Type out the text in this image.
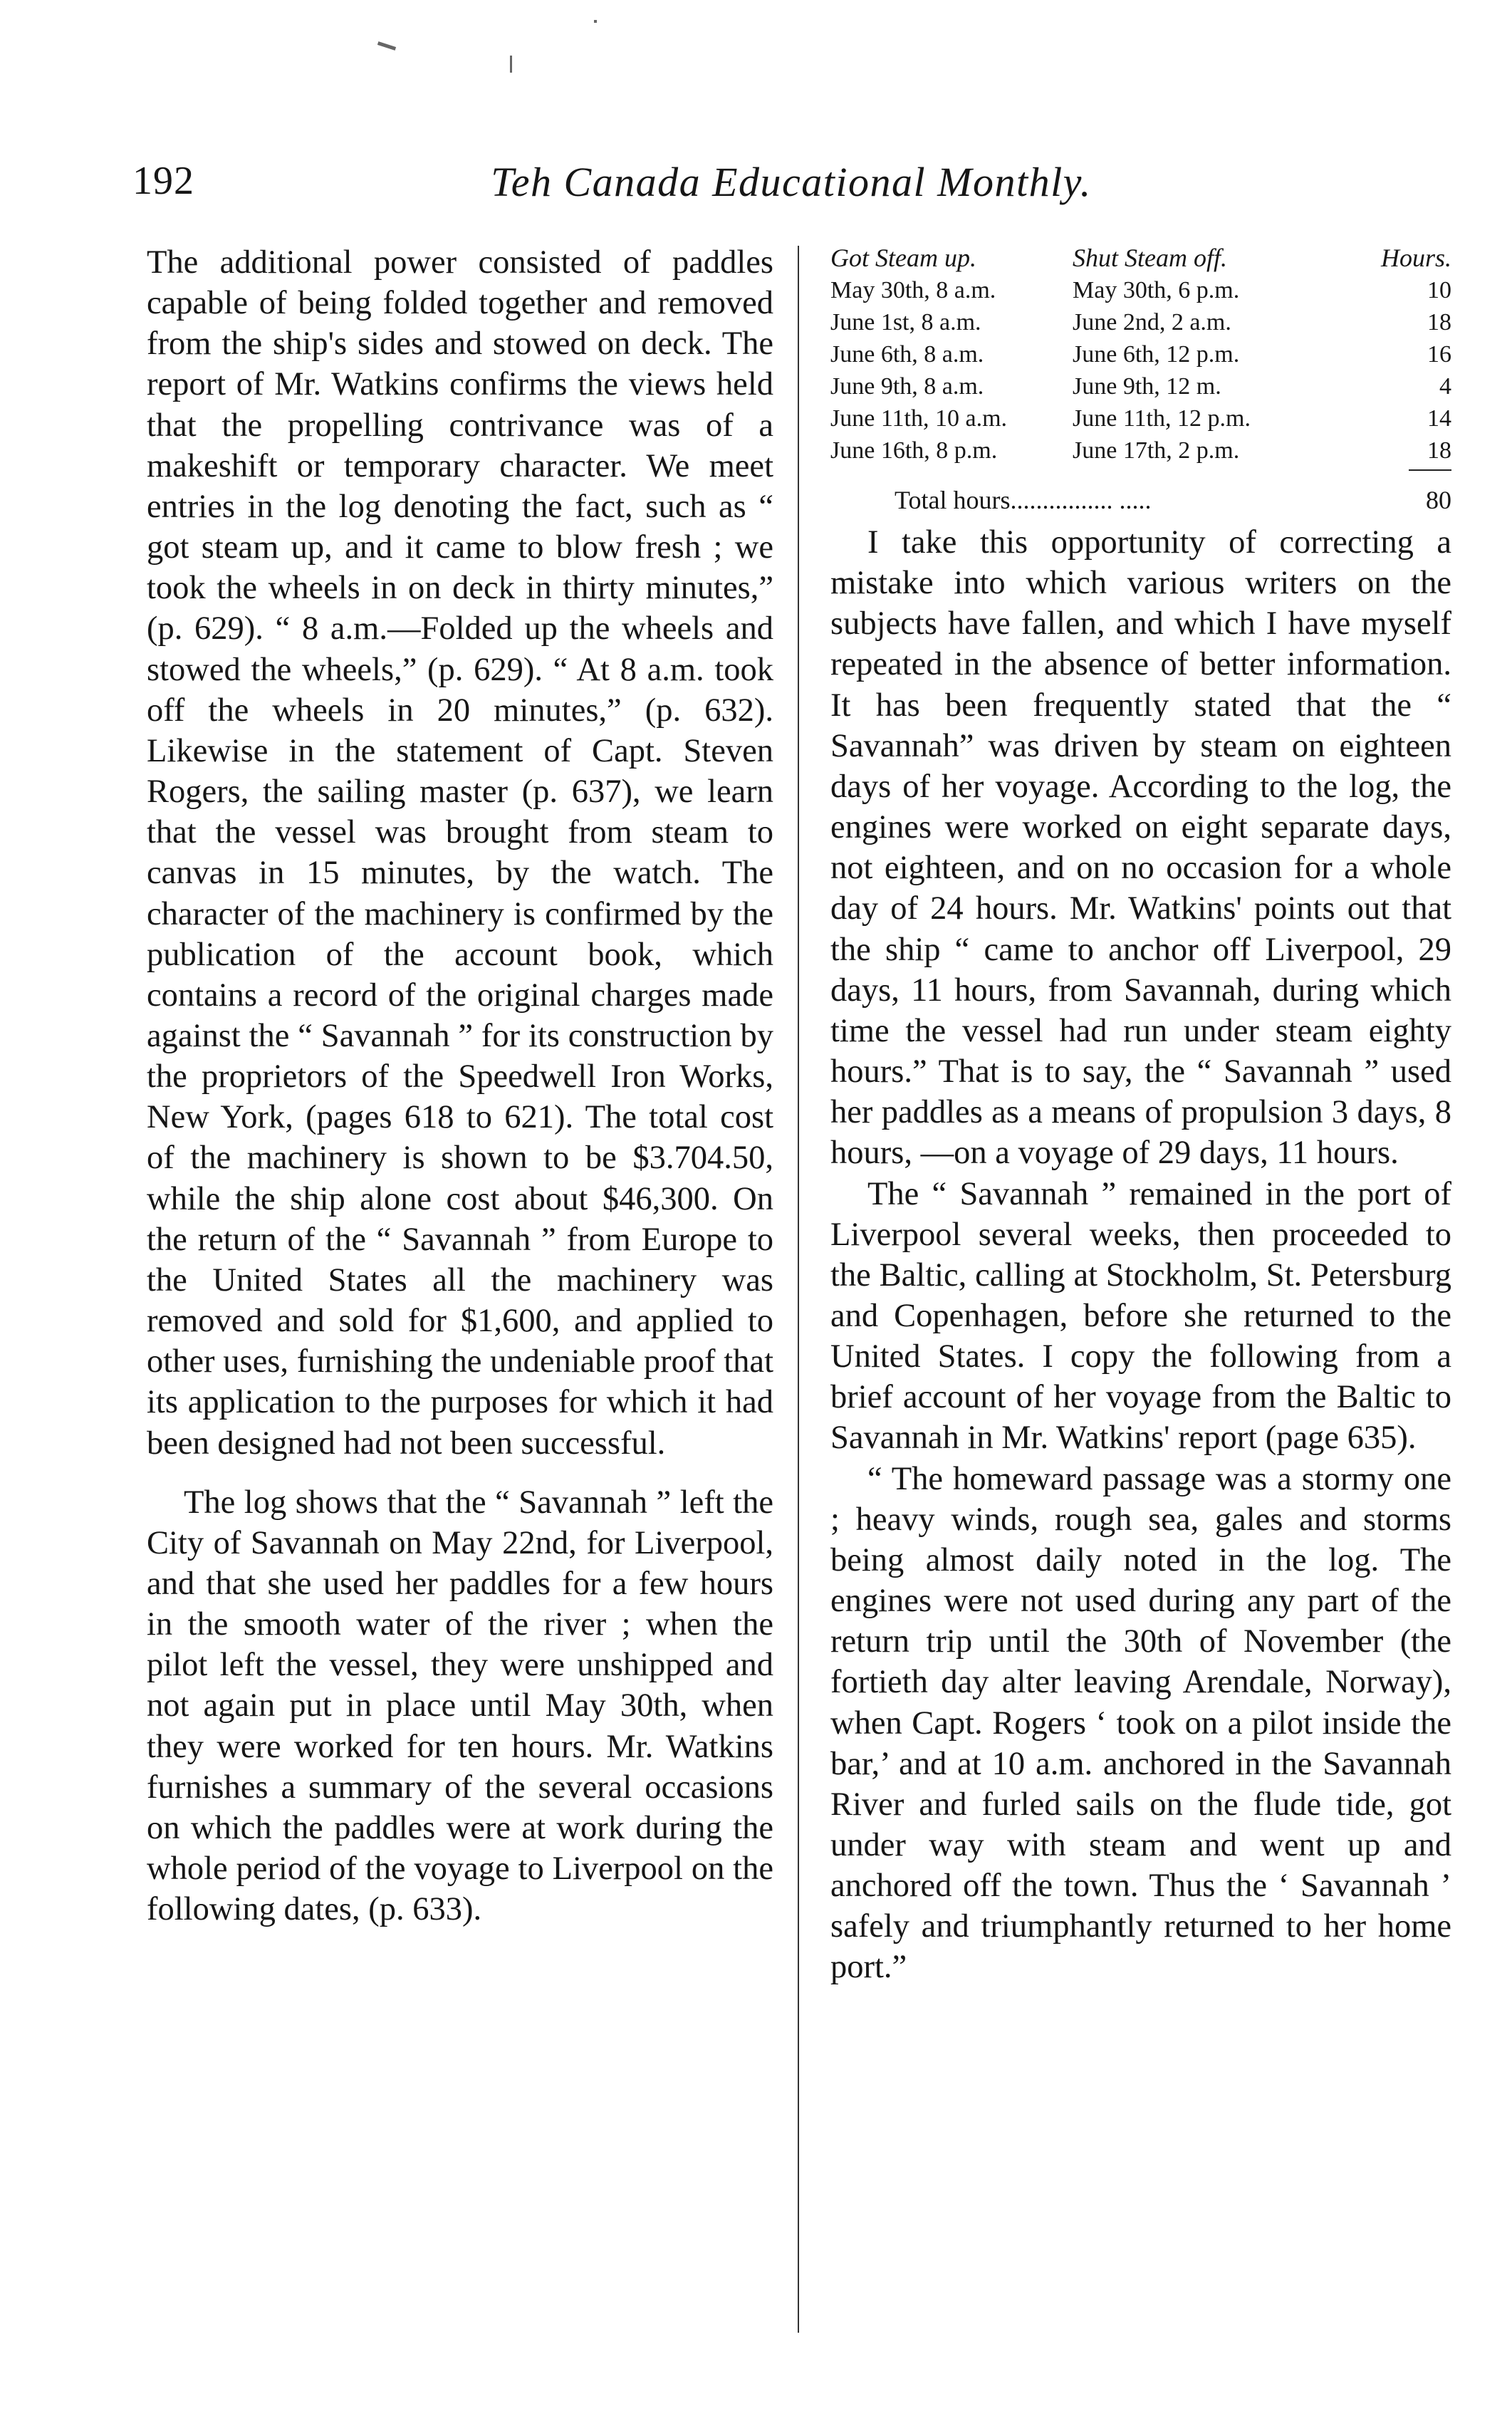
192	Teh Canada Educational Monthly.

The additional power consisted of paddles capable of being folded together and removed from the ship's sides and stowed on deck. The report of Mr. Watkins confirms the views held that the propelling contrivance was of a makeshift or temporary character. We meet entries in the log denoting the fact, such as “ got steam up, and it came to blow fresh ; we took the wheels in on deck in thirty minutes,” (p. 629). “ 8 a.m.—Folded up the wheels and stowed the wheels,” (p. 629). “ At 8 a.m. took off the wheels in 20 minutes,” (p. 632). Likewise in the statement of Capt. Steven Rogers, the sailing master (p. 637), we learn that the vessel was brought from steam to canvas in 15 minutes, by the watch. The character of the machinery is confirmed by the publication of the account book, which contains a record of the original charges made against the “ Savannah ” for its construction by the proprietors of the Speedwell Iron Works, New York, (pages 618 to 621). The total cost of the machinery is shown to be $3.704.50, while the ship alone cost about $46,300. On the return of the “ Savannah ” from Europe to the United States all the machinery was removed and sold for $1,600, and applied to other uses, furnishing the undeniable proof that its application to the purposes for which it had been designed had not been successful.

The log shows that the “ Savannah ” left the City of Savannah on May 22nd, for Liverpool, and that she used her paddles for a few hours in the smooth water of the river ; when the pilot left the vessel, they were unshipped and not again put in place until May 30th, when they were worked for ten hours. Mr. Watkins furnishes a summary of the several occasions on which the paddles were at work during the whole period of the voyage to Liverpool on the following dates, (p. 633).

Got Steam up.	Shut Steam off.	Hours.
May 30th, 8 a.m.	May 30th, 6 p.m.	10
June 1st, 8 a.m.	June 2nd, 2 a.m.	18
June 6th, 8 a.m.	June 6th, 12 p.m.	16
June 9th, 8 a.m.	June 9th, 12 m.	4
June 11th, 10 a.m.	June 11th, 12 p.m.	14
June 16th, 8 p.m.	June 17th, 2 p.m.	18
Total hours................ .....	80

I take this opportunity of correcting a mistake into which various writers on the subjects have fallen, and which I have myself repeated in the absence of better information. It has been frequently stated that the “ Savannah” was driven by steam on eighteen days of her voyage. According to the log, the engines were worked on eight separate days, not eighteen, and on no occasion for a whole day of 24 hours. Mr. Watkins' points out that the ship “ came to anchor off Liverpool, 29 days, 11 hours, from Savannah, during which time the vessel had run under steam eighty hours.” That is to say, the “ Savannah ” used her paddles as a means of propulsion 3 days, 8 hours, —on a voyage of 29 days, 11 hours.

The “ Savannah ” remained in the port of Liverpool several weeks, then proceeded to the Baltic, calling at Stockholm, St. Petersburg and Copenhagen, before she returned to the United States. I copy the following from a brief account of her voyage from the Baltic to Savannah in Mr. Watkins' report (page 635).

“ The homeward passage was a stormy one ; heavy winds, rough sea, gales and storms being almost daily noted in the log. The engines were not used during any part of the return trip until the 30th of November (the fortieth day alter leaving Arendale, Norway), when Capt. Rogers ‘ took on a pilot inside the bar,’ and at 10 a.m. anchored in the Savannah River and furled sails on the flude tide, got under way with steam and went up and anchored off the town. Thus the ‘ Savannah ’ safely and triumphantly returned to her home port.”
